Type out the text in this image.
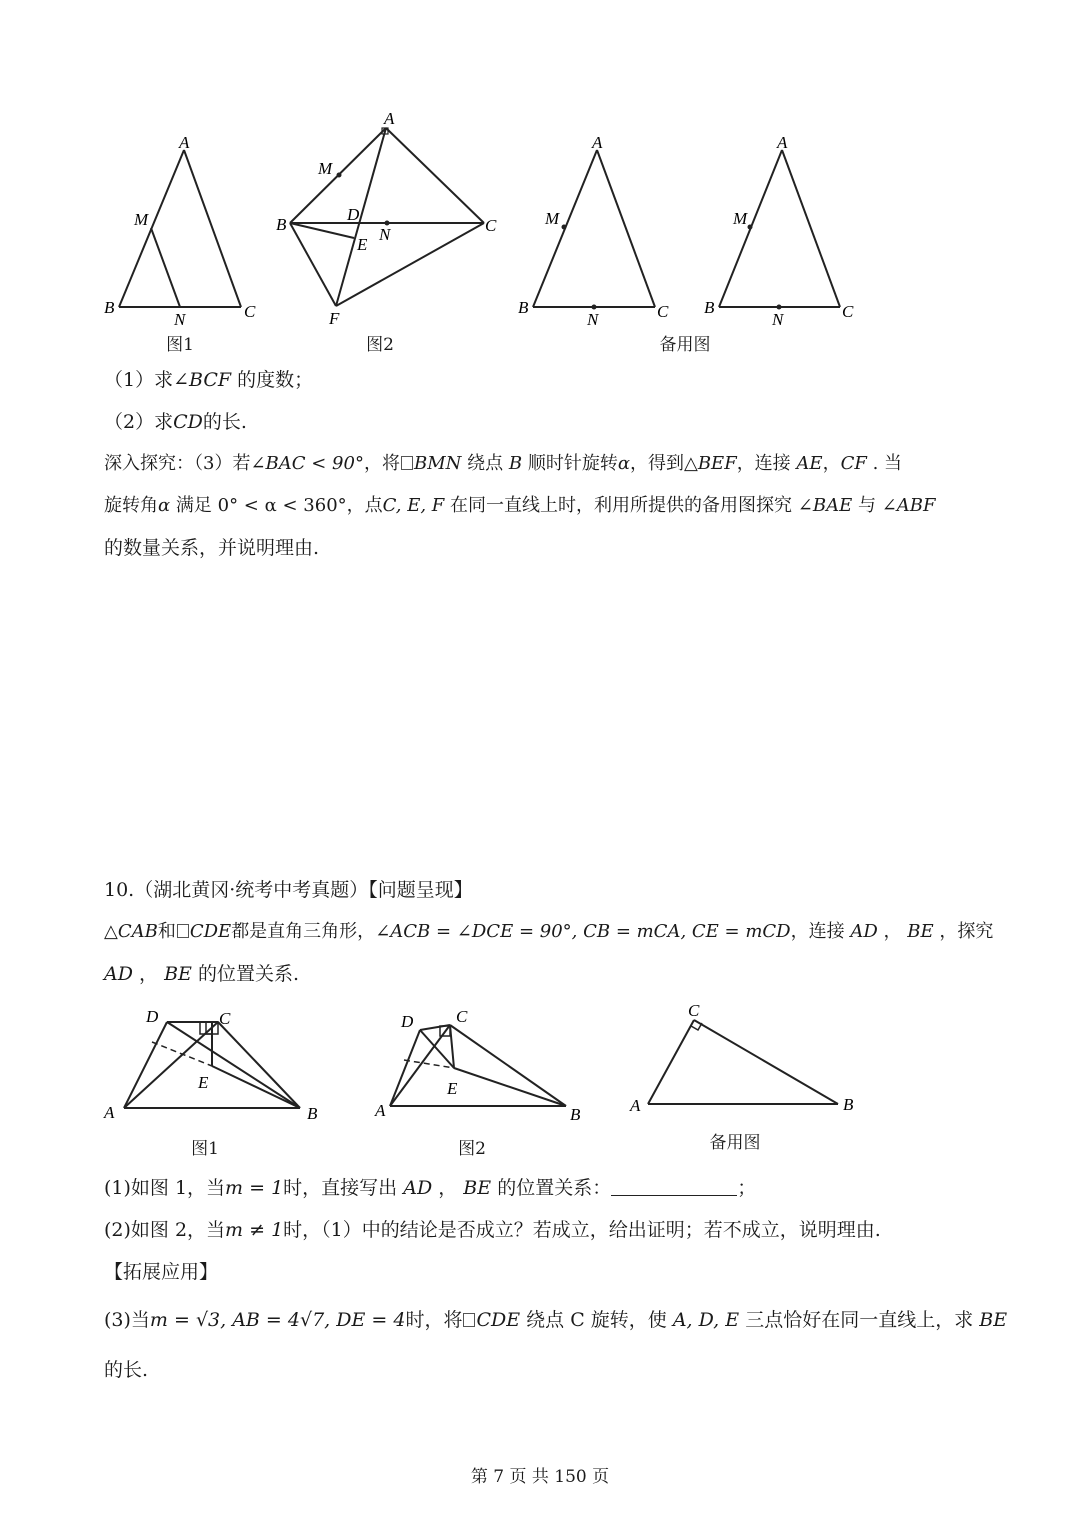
A
M
B
N	C
图1
A
M
B
D
N
E
C
F
图2
A
M
B
N	C
A
M
B
N	C
备用图
（1）求∠BCF 的度数；
（2）求CD的长.
深入探究：（3）若∠BAC < 90°，将 BMN 绕点 B 顺时针旋转α，得到△BEF，连接 AE，CF . 当
旋转角α 满足 0° < α < 360°，点C, E, F 在同一直线上时，利用所提供的备用图探究 ∠BAE 与 ∠ABF
的数量关系，并说明理由.
10.（湖北黄冈·统考中考真题）【问题呈现】
△CAB和 CDE都是直角三角形，∠ACB = ∠DCE = 90°, CB = mCA, CE = mCD，连接 AD ， BE ，探究
AD ， BE 的位置关系.
D	C
E
A	B
图1
D	C
E
A	B
图2
C
A	B
备用图
(1)如图 1，当m = 1时，直接写出 AD ， BE 的位置关系：	；
(2)如图 2，当m ≠ 1时，（1）中的结论是否成立？若成立，给出证明；若不成立，说明理由.
【拓展应用】
(3)当m = √3, AB = 4√7, DE = 4时，将 CDE 绕点 C 旋转，使 A, D, E 三点恰好在同一直线上，求 BE
的长.
第 7 页 共 150 页
